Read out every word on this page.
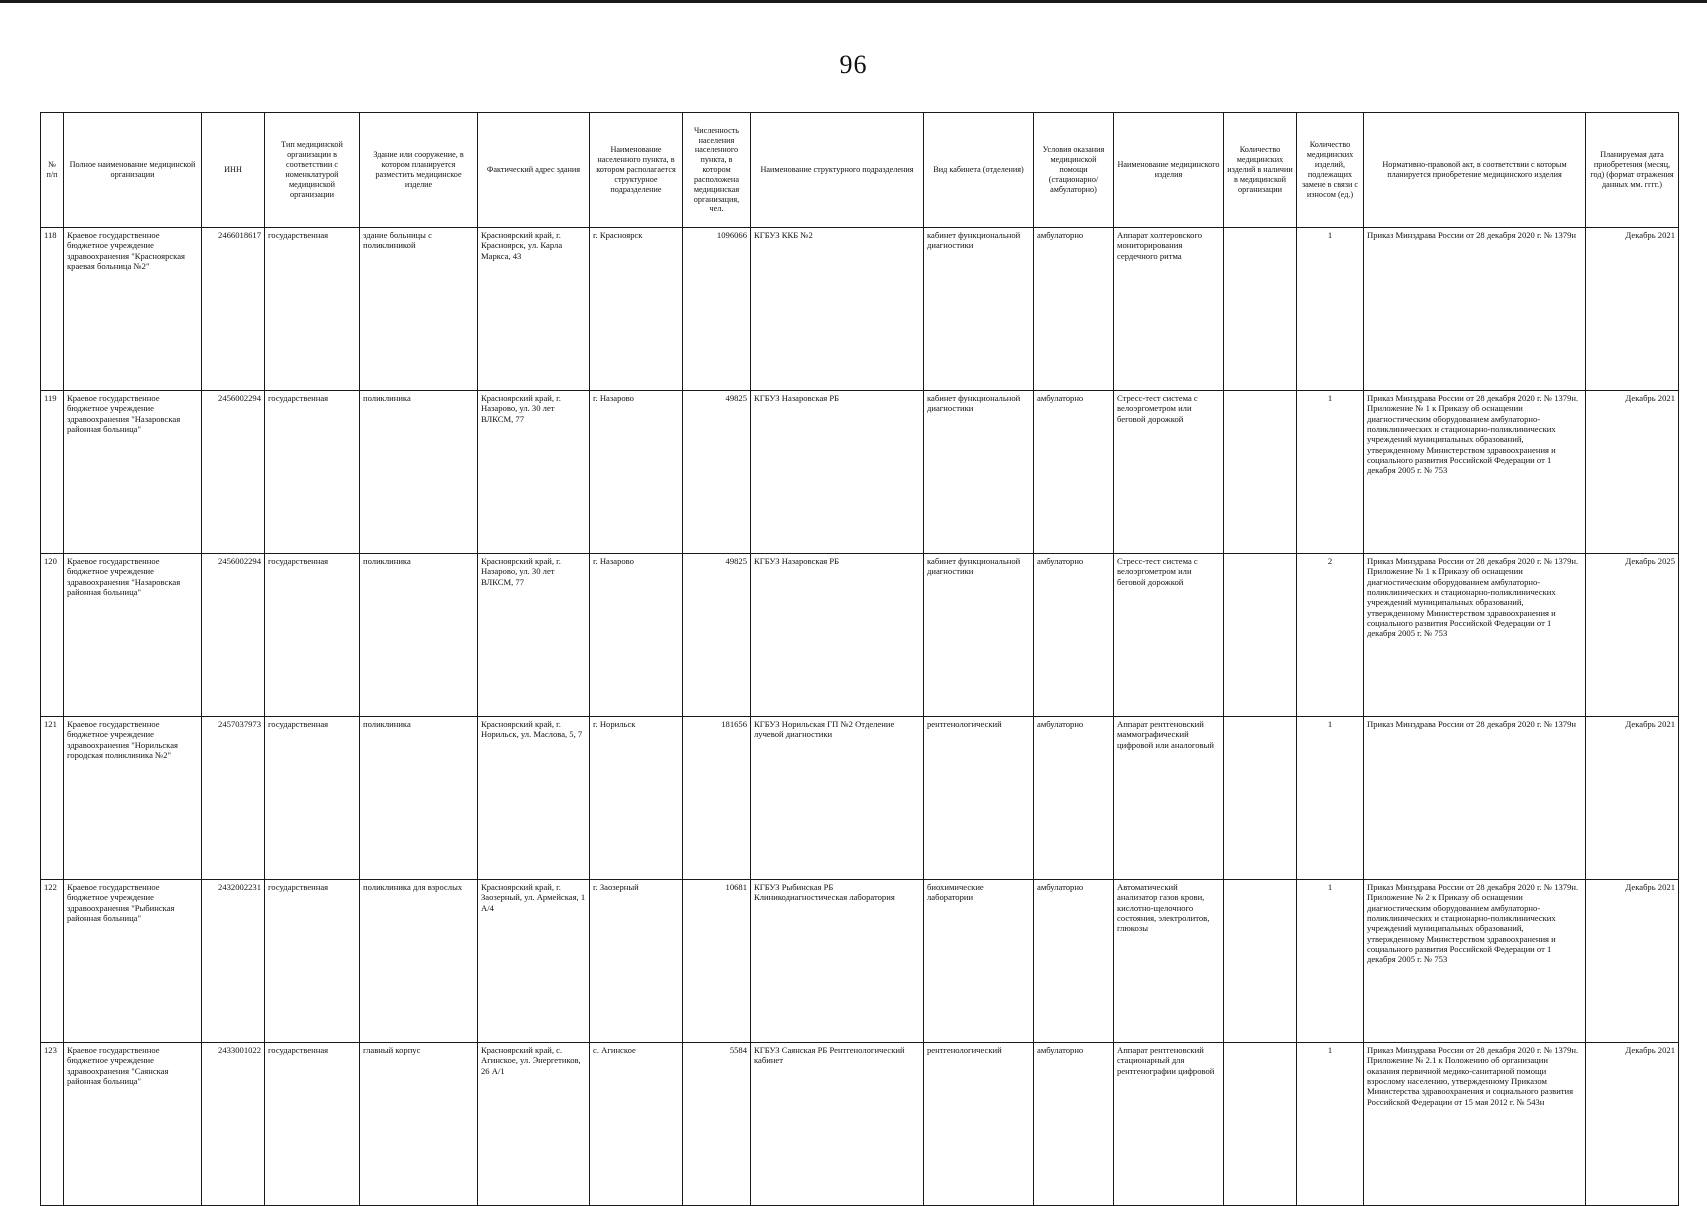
96
№ п/п	Полное наименование медицинской организации	ИНН	Тип медицинской организации в соответствии с номенклатурой медицинской организации	Здание или сооружение, в котором планируется разместить медицинское изделие	Фактический адрес здания	Наименование населенного пункта, в котором располагается структурное подразделение	Численность населения населенного пункта, в котором расположена медицинская организация, чел.	Наименование структурного подразделения	Вид кабинета (отделения)	Условия оказания медицинской помощи (стационарно/ амбулаторно)	Наименование медицинского изделия	Количество медицинских изделий в наличии в медицинской организации	Количество медицинских изделий, подлежащих замене в связи с износом (ед.)	Нормативно-правовой акт, в соответствии с которым планируется приобретение медицинского изделия	Планируемая дата приобретения (месяц, год) (формат отражения данных мм. гггг.)
118	Краевое государственное бюджетное учреждение здравоохранения "Красноярская краевая больница №2"	2466018617	государственная	здание больницы с поликлиникой	Красноярский край, г. Красноярск, ул. Карла Маркса, 43	г. Красноярск	1096066	КГБУЗ ККБ №2	кабинет функциональной диагностики	амбулаторно	Аппарат холтеровского мониторирования сердечного ритма		1	Приказ Минздрава России от 28 декабря 2020 г. № 1379н	Декабрь 2021
119	Краевое государственное бюджетное учреждение здравоохранения "Назаровская районная больница"	2456002294	государственная	поликлиника	Красноярский край, г. Назарово, ул. 30 лет ВЛКСМ, 77	г. Назарово	49825	КГБУЗ Назаровская РБ	кабинет функциональной диагностики	амбулаторно	Стресс-тест система с велоэргометром или беговой дорожкой		1	Приказ Минздрава России от 28 декабря 2020 г. № 1379н. Приложение № 1 к Приказу об оснащении диагностическим оборудованием амбулаторно-поликлинических и стационарно-поликлинических учреждений муниципальных образований, утвержденному Министерством здравоохранения и социального развития Российской Федерации от 1 декабря 2005 г. № 753	Декабрь 2021
120	Краевое государственное бюджетное учреждение здравоохранения "Назаровская районная больница"	2456002294	государственная	поликлиника	Красноярский край, г. Назарово, ул. 30 лет ВЛКСМ, 77	г. Назарово	49825	КГБУЗ Назаровская РБ	кабинет функциональной диагностики	амбулаторно	Стресс-тест система с велоэргометром или беговой дорожкой		2	Приказ Минздрава России от 28 декабря 2020 г. № 1379н. Приложение № 1 к Приказу об оснащении диагностическим оборудованием амбулаторно-поликлинических и стационарно-поликлинических учреждений муниципальных образований, утвержденному Министерством здравоохранения и социального развития Российской Федерации от 1 декабря 2005 г. № 753	Декабрь 2025
121	Краевое государственное бюджетное учреждение здравоохранения "Норильская городская поликлиника №2"	2457037973	государственная	поликлиника	Красноярский край, г. Норильск, ул. Маслова, 5, 7	г. Норильск	181656	КГБУЗ Норильская ГП №2 Отделение лучевой диагностики	рентгенологический	амбулаторно	Аппарат рентгеновский маммографический цифровой или аналоговый		1	Приказ Минздрава России от 28 декабря 2020 г. № 1379н	Декабрь 2021
122	Краевое государственное бюджетное учреждение здравоохранения "Рыбинская районная больница"	2432002231	государственная	поликлиника для взрослых	Красноярский край, г. Заозерный, ул. Армейская, 1 А/4	г. Заозерный	10681	КГБУЗ Рыбинская РБ Клиникодиагностическая лаборатория	биохимические лаборатории	амбулаторно	Автоматический анализатор газов крови, кислотно-щелочного состояния, электролитов, глюкозы		1	Приказ Минздрава России от 28 декабря 2020 г. № 1379н. Приложение № 2 к Приказу об оснащении диагностическим оборудованием амбулаторно-поликлинических и стационарно-поликлинических учреждений муниципальных образований, утвержденному Министерством здравоохранения и социального развития Российской Федерации от 1 декабря 2005 г. № 753	Декабрь 2021
123	Краевое государственное бюджетное учреждение здравоохранения "Саянская районная больница"	2433001022	государственная	главный корпус	Красноярский край, с. Агинское, ул. Энергетиков, 26 А/1	с. Агинское	5584	КГБУЗ Саянская РБ Рентгенологический кабинет	рентгенологический	амбулаторно	Аппарат рентгеновский стационарный для рентгенографии цифровой		1	Приказ Минздрава России от 28 декабря 2020 г. № 1379н. Приложение № 2.1 к Положению об организации оказания первичной медико-санитарной помощи взрослому населению, утвержденному Приказом Министерства здравоохранения и социального развития Российской Федерации от 15 мая 2012 г. № 543н	Декабрь 2021
